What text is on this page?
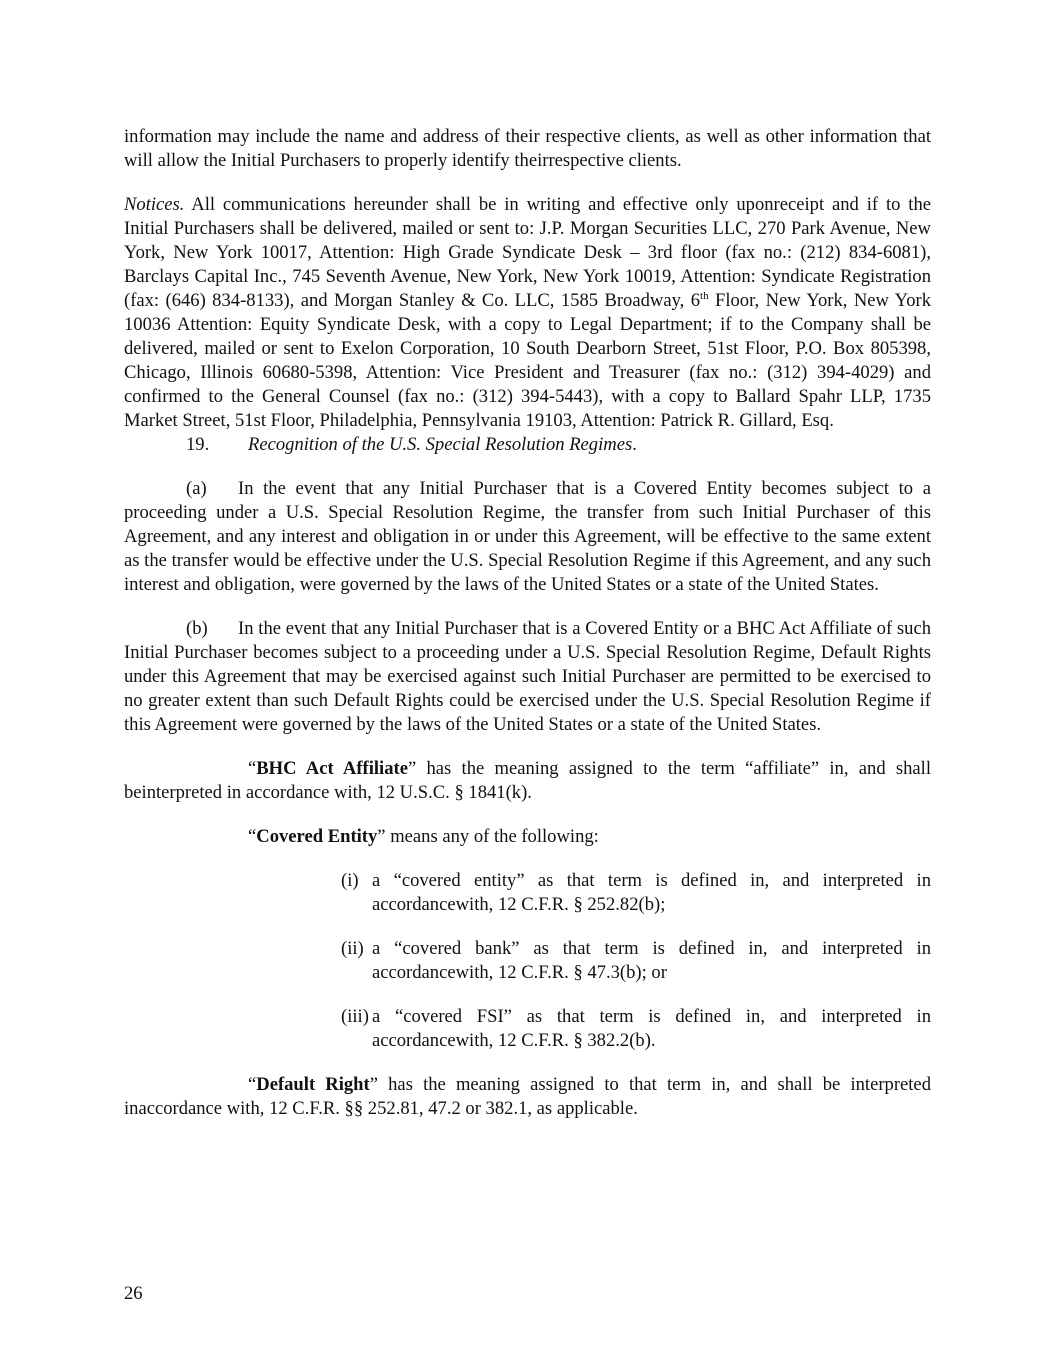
information may include the name and address of their respective clients, as well as other information that will allow the Initial Purchasers to properly identify theirrespective clients.

Notices. All communications hereunder shall be in writing and effective only uponreceipt and if to the Initial Purchasers shall be delivered, mailed or sent to: J.P. Morgan Securities LLC, 270 Park Avenue, New York, New York 10017, Attention: High Grade Syndicate Desk – 3rd floor (fax no.: (212) 834-6081), Barclays Capital Inc., 745 Seventh Avenue, New York, New York 10019, Attention: Syndicate Registration (fax: (646) 834-8133), and Morgan Stanley & Co. LLC, 1585 Broadway, 6th Floor, New York, New York 10036 Attention: Equity Syndicate Desk, with a copy to Legal Department; if to the Company shall be delivered, mailed or sent to Exelon Corporation, 10 South Dearborn Street, 51st Floor, P.O. Box 805398, Chicago, Illinois 60680-5398, Attention: Vice President and Treasurer (fax no.: (312) 394-4029) and confirmed to the General Counsel (fax no.: (312) 394-5443), with a copy to Ballard Spahr LLP, 1735 Market Street, 51st Floor, Philadelphia, Pennsylvania 19103, Attention: Patrick R. Gillard, Esq.

19. Recognition of the U.S. Special Resolution Regimes.

(a) In the event that any Initial Purchaser that is a Covered Entity becomes subject to a proceeding under a U.S. Special Resolution Regime, the transfer from such Initial Purchaser of this Agreement, and any interest and obligation in or under this Agreement, will be effective to the same extent as the transfer would be effective under the U.S. Special Resolution Regime if this Agreement, and any such interest and obligation, were governed by the laws of the United States or a state of the United States.

(b) In the event that any Initial Purchaser that is a Covered Entity or a BHC Act Affiliate of such Initial Purchaser becomes subject to a proceeding under a U.S. Special Resolution Regime, Default Rights under this Agreement that may be exercised against such Initial Purchaser are permitted to be exercised to no greater extent than such Default Rights could be exercised under the U.S. Special Resolution Regime if this Agreement were governed by the laws of the United States or a state of the United States.

“BHC Act Affiliate” has the meaning assigned to the term “affiliate” in, and shall beinterpreted in accordance with, 12 U.S.C. § 1841(k).

“Covered Entity” means any of the following:

(i) a “covered entity” as that term is defined in, and interpreted in accordancewith, 12 C.F.R. § 252.82(b);
(ii) a “covered bank” as that term is defined in, and interpreted in accordancewith, 12 C.F.R. § 47.3(b); or
(iii) a “covered FSI” as that term is defined in, and interpreted in accordancewith, 12 C.F.R. § 382.2(b).

“Default Right” has the meaning assigned to that term in, and shall be interpreted inaccordance with, 12 C.F.R. §§ 252.81, 47.2 or 382.1, as applicable.

26
